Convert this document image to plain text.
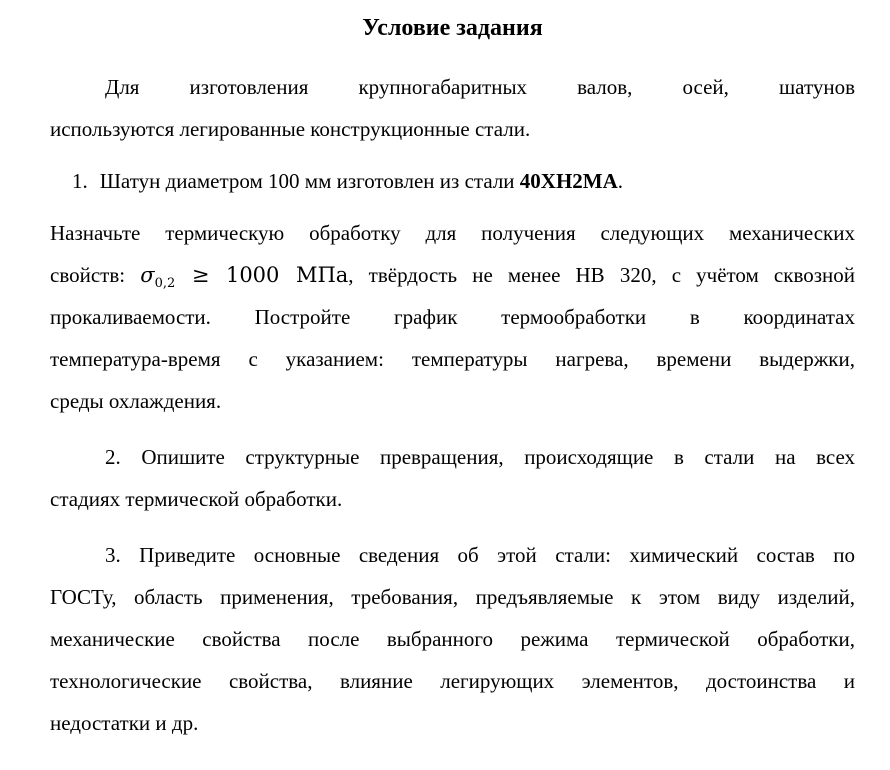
Условие задания
Для изготовления крупногабаритных валов, осей, шатунов
используются легированные конструкционные стали.
1. Шатун диаметром 100 мм изготовлен из стали 40ХН2МА.
Назначьте термическую обработку для получения следующих механических
свойств: $\sigma_{0,2} \ge 1000$ МПа, твёрдость не менее НВ 320, с учётом сквозной
прокаливаемости. Постройте график термообработки в координатах
температура-время с указанием: температуры нагрева, времени выдержки,
среды охлаждения.
2. Опишите структурные превращения, происходящие в стали на всех
стадиях термической обработки.
3. Приведите основные сведения об этой стали: химический состав по
ГОСТу, область применения, требования, предъявляемые к этом виду изделий,
механические свойства после выбранного режима термической обработки,
технологические свойства, влияние легирующих элементов, достоинства и
недостатки и др.
